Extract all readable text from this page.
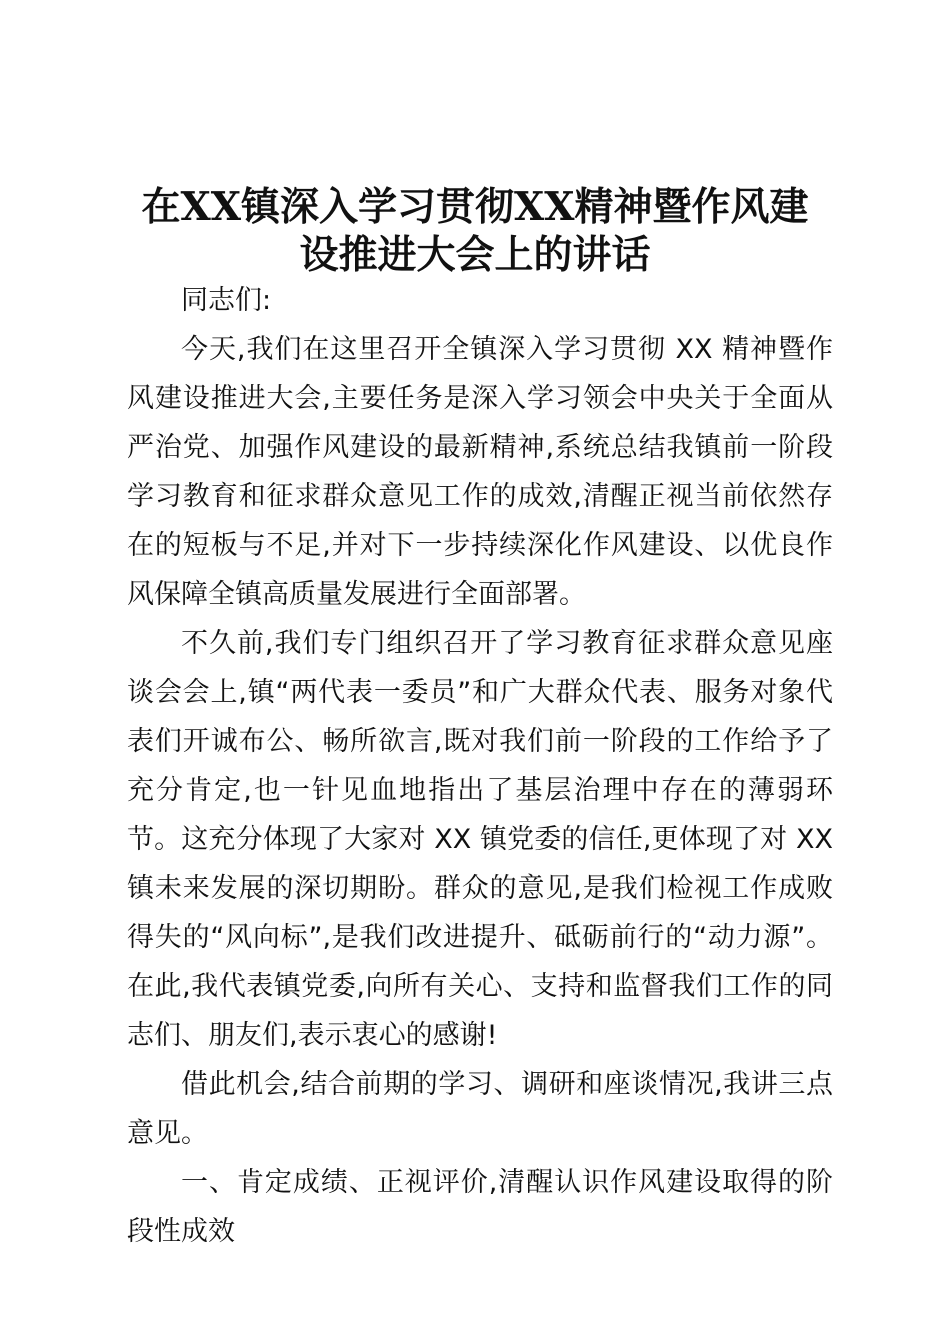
在XX镇深入学习贯彻XX精神暨作风建
设推进大会上的讲话

同志们:

今天,我们在这里召开全镇深入学习贯彻 XX 精神暨作风建设推进大会,主要任务是深入学习领会中央关于全面从严治党、加强作风建设的最新精神,系统总结我镇前一阶段学习教育和征求群众意见工作的成效,清醒正视当前依然存在的短板与不足,并对下一步持续深化作风建设、以优良作风保障全镇高质量发展进行全面部署。

不久前,我们专门组织召开了学习教育征求群众意见座谈会会上,镇“两代表一委员”和广大群众代表、服务对象代表们开诚布公、畅所欲言,既对我们前一阶段的工作给予了充分肯定,也一针见血地指出了基层治理中存在的薄弱环节。这充分体现了大家对 XX 镇党委的信任,更体现了对 XX 镇未来发展的深切期盼。群众的意见,是我们检视工作成败得失的“风向标”,是我们改进提升、砥砺前行的“动力源”。在此,我代表镇党委,向所有关心、支持和监督我们工作的同志们、朋友们,表示衷心的感谢!

借此机会,结合前期的学习、调研和座谈情况,我讲三点意见。

一、肯定成绩、正视评价,清醒认识作风建设取得的阶段性成效
